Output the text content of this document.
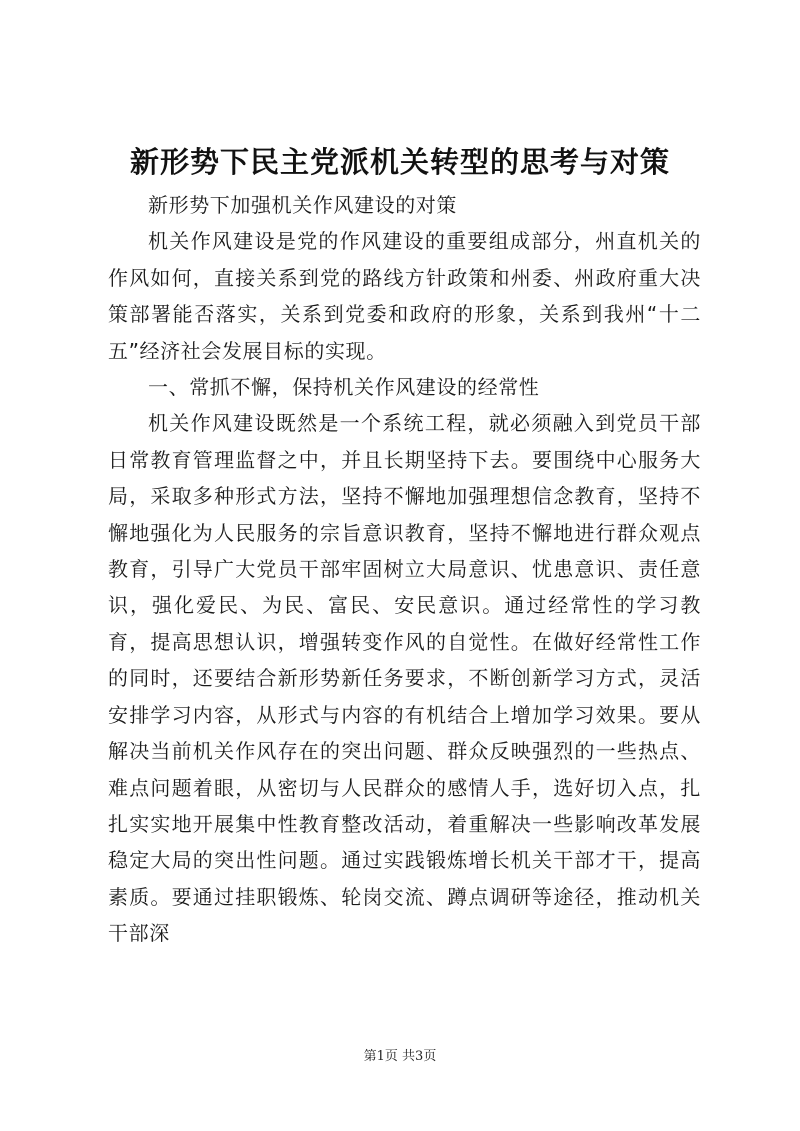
新形势下民主党派机关转型的思考与对策

新形势下加强机关作风建设的对策

机关作风建设是党的作风建设的重要组成部分，州直机关的作风如何，直接关系到党的路线方针政策和州委、州政府重大决策部署能否落实，关系到党委和政府的形象，关系到我州“十二五”经济社会发展目标的实现。

一、常抓不懈，保持机关作风建设的经常性

机关作风建设既然是一个系统工程，就必须融入到党员干部日常教育管理监督之中，并且长期坚持下去。要围绕中心服务大局，采取多种形式方法，坚持不懈地加强理想信念教育，坚持不懈地强化为人民服务的宗旨意识教育，坚持不懈地进行群众观点教育，引导广大党员干部牢固树立大局意识、忧患意识、责任意识，强化爱民、为民、富民、安民意识。通过经常性的学习教育，提高思想认识，增强转变作风的自觉性。在做好经常性工作的同时，还要结合新形势新任务要求，不断创新学习方式，灵活安排学习内容，从形式与内容的有机结合上增加学习效果。要从解决当前机关作风存在的突出问题、群众反映强烈的一些热点、难点问题着眼，从密切与人民群众的感情人手，选好切入点，扎扎实实地开展集中性教育整改活动，着重解决一些影响改革发展稳定大局的突出性问题。通过实践锻炼增长机关干部才干，提高素质。要通过挂职锻炼、轮岗交流、蹲点调研等途径，推动机关干部深

第1页 共3页
